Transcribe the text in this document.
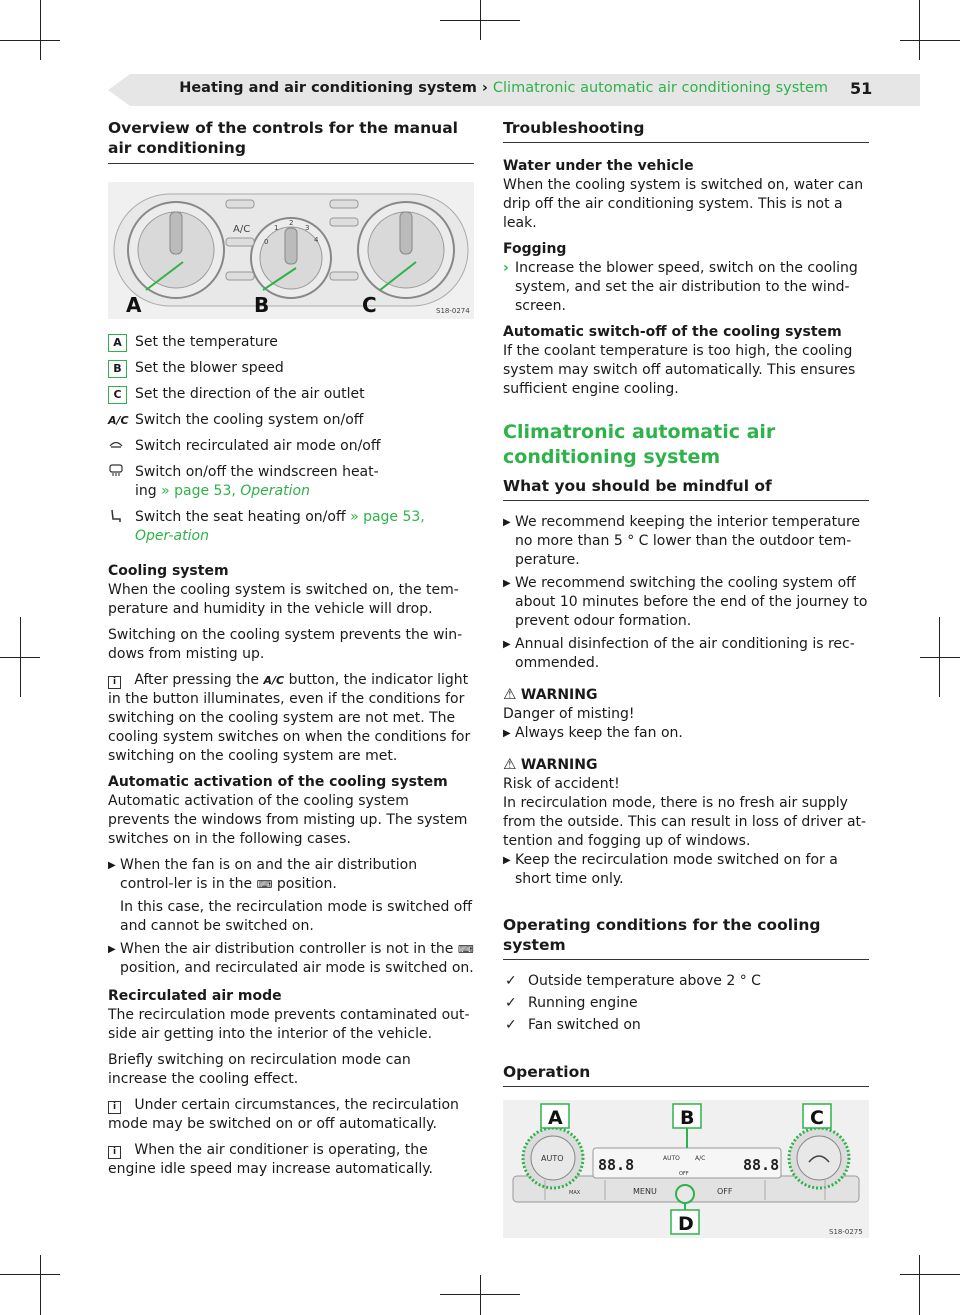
Heating and air conditioning system › Climatronic automatic air conditioning system 51
Overview of the controls for the manual air conditioning
A	B	C
A/C
0
1
2
3
4
S18-0274
A Set the temperature
B Set the blower speed
C Set the direction of the air outlet
A/C Switch the cooling system on/off
Switch recirculated air mode on/off
Switch on/off the windscreen heat-ing » page 53, Operation
Switch the seat heating on/off » page 53, Oper-ation
Cooling system

When the cooling system is switched on, the tem-perature and humidity in the vehicle will drop.

Switching on the cooling system prevents the win-dows from misting up.

i After pressing the A/C button, the indicator light in the button illuminates, even if the conditions for switching on the cooling system are not met. The cooling system switches on when the conditions for switching on the cooling system are met.

Automatic activation of the cooling system

Automatic activation of the cooling system prevents the windows from misting up. The system switches on in the following cases.

▶ When the fan is on and the air distribution control-ler is in the ⌨ position.
In this case, the recirculation mode is switched off and cannot be switched on.
▶ When the air distribution controller is not in the ⌨ position, and recirculated air mode is switched on.
Recirculated air mode

The recirculation mode prevents contaminated out-side air getting into the interior of the vehicle.

Briefly switching on recirculation mode can increase the cooling effect.

i Under certain circumstances, the recirculation mode may be switched on or off automatically.

i When the air conditioner is operating, the engine idle speed may increase automatically.

Troubleshooting
Water under the vehicle

When the cooling system is switched on, water can drip off the air conditioning system. This is not a leak.

Fogging
› Increase the blower speed, switch on the cooling system, and set the air distribution to the wind-screen.
Automatic switch-off of the cooling system

If the coolant temperature is too high, the cooling system may switch off automatically. This ensures sufficient engine cooling.

Climatronic automatic air conditioning system
What you should be mindful of
▶ We recommend keeping the interior temperature no more than 5 ° C lower than the outdoor tem-perature.
▶ We recommend switching the cooling system off about 10 minutes before the end of the journey to prevent odour formation.
▶ Annual disinfection of the air conditioning is rec-ommended.
⚠ WARNING
Danger of misting!
▶ Always keep the fan on.
⚠ WARNING
Risk of accident!
In recirculation mode, there is no fresh air supply from the outside. This can result in loss of driver at-tention and fogging up of windows.
▶ Keep the recirculation mode switched on for a short time only.
Operating conditions for the cooling system
✓ Outside temperature above 2 ° C
✓ Running engine
✓ Fan switched on
Operation
A	B	C
D
AUTO 88.8	88.8
AUTO	A/C
OFF
MENU	OFF
MAX
S18-0275
